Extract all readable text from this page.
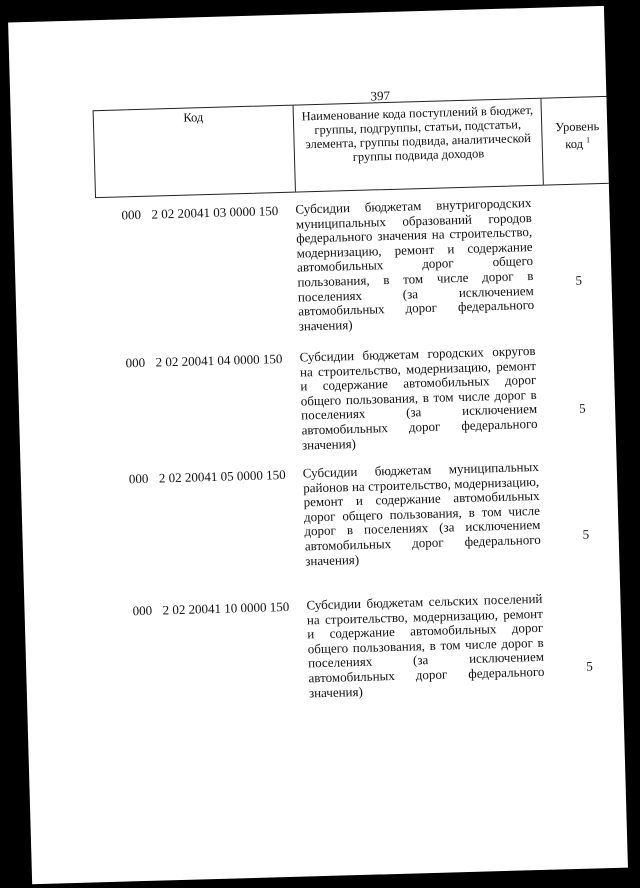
397
Код	Наименование кода поступлений в бюджет, группы, подгруппы, статьи, подстатьи, элемента, группы подвида, аналитической группы подвида доходов
Уровень код $^1$
000 2 02 20041 03 0000 150 Субсидии бюджетам внутригородских муниципальных образований городов федерального значения на строительство, модернизацию, ремонт и содержание автомобильных дорог общего пользования, в том числе дорог в поселениях (за исключением автомобильных дорог федерального значения)
5
000 2 02 20041 04 0000 150 Субсидии бюджетам городских округов на строительство, модернизацию, ремонт и содержание автомобильных дорог общего пользования, в том числе дорог в поселениях (за исключением автомобильных дорог федерального значения)
5
000 2 02 20041 05 0000 150 Субсидии бюджетам муниципальных районов на строительство, модернизацию, ремонт и содержание автомобильных дорог общего пользования, в том числе дорог в поселениях (за исключением автомобильных дорог федерального значения)
5
000 2 02 20041 10 0000 150 Субсидии бюджетам сельских поселений на строительство, модернизацию, ремонт и содержание автомобильных дорог общего пользования, в том числе дорог в поселениях (за исключением автомобильных дорог федерального значения)
5
